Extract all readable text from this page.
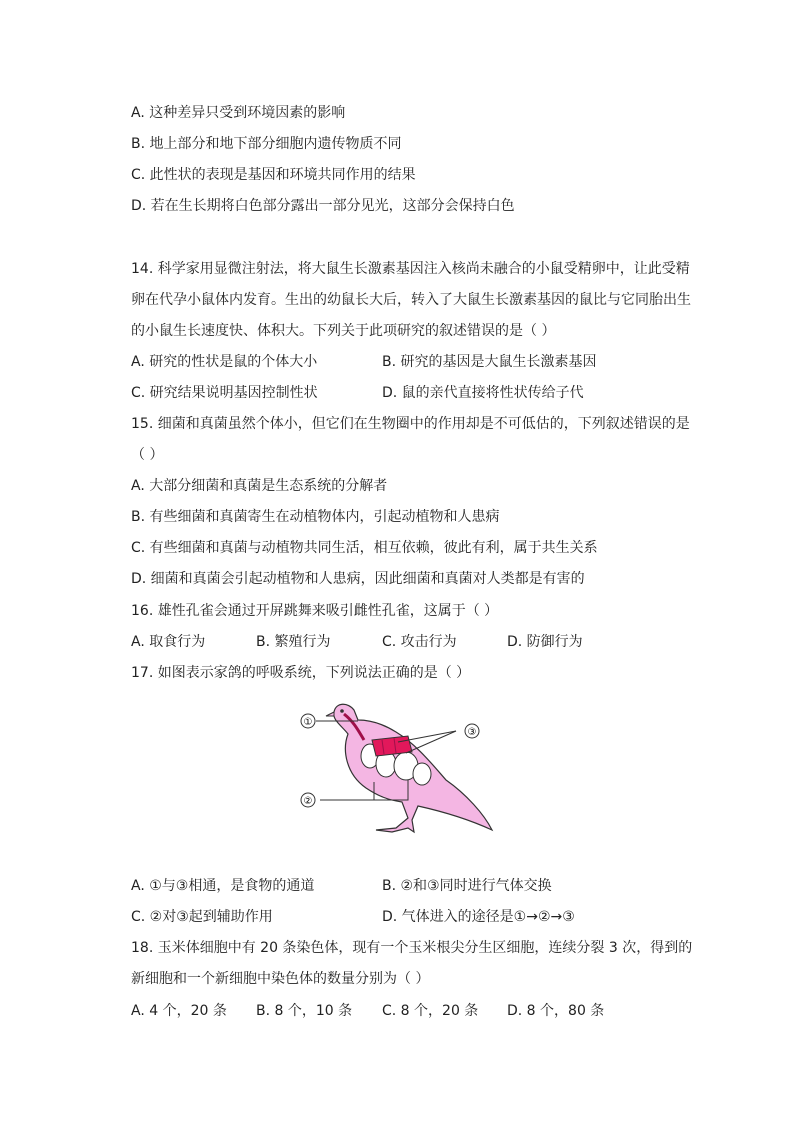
A. 这种差异只受到环境因素的影响
B. 地上部分和地下部分细胞内遗传物质不同
C. 此性状的表现是基因和环境共同作用的结果
D. 若在生长期将白色部分露出一部分见光，这部分会保持白色
14. 科学家用显微注射法，将大鼠生长激素基因注入核尚未融合的小鼠受精卵中，让此受精
卵在代孕小鼠体内发育。生出的幼鼠长大后，转入了大鼠生长激素基因的鼠比与它同胎出生
的小鼠生长速度快、体积大。下列关于此项研究的叙述错误的是（ ）
A. 研究的性状是鼠的个体大小	B. 研究的基因是大鼠生长激素基因
C. 研究结果说明基因控制性状	D. 鼠的亲代直接将性状传给子代
15. 细菌和真菌虽然个体小，但它们在生物圈中的作用却是不可低估的，下列叙述错误的是
（ ）
A. 大部分细菌和真菌是生态系统的分解者
B. 有些细菌和真菌寄生在动植物体内，引起动植物和人患病
C. 有些细菌和真菌与动植物共同生活，相互依赖，彼此有利，属于共生关系
D. 细菌和真菌会引起动植物和人患病，因此细菌和真菌对人类都是有害的
16. 雄性孔雀会通过开屏跳舞来吸引雌性孔雀，这属于（ ）
A. 取食行为	B. 繁殖行为	C. 攻击行为	D. 防御行为
17. 如图表示家鸽的呼吸系统，下列说法正确的是（ ）
①
②
③
A. ①与③相通，是食物的通道	B. ②和③同时进行气体交换
C. ②对③起到辅助作用	D. 气体进入的途径是①→②→③
18. 玉米体细胞中有 20 条染色体，现有一个玉米根尖分生区细胞，连续分裂 3 次，得到的
新细胞和一个新细胞中染色体的数量分别为（ ）
A. 4 个，20 条 B. 8 个，10 条 C. 8 个，20 条 D. 8 个，80 条
